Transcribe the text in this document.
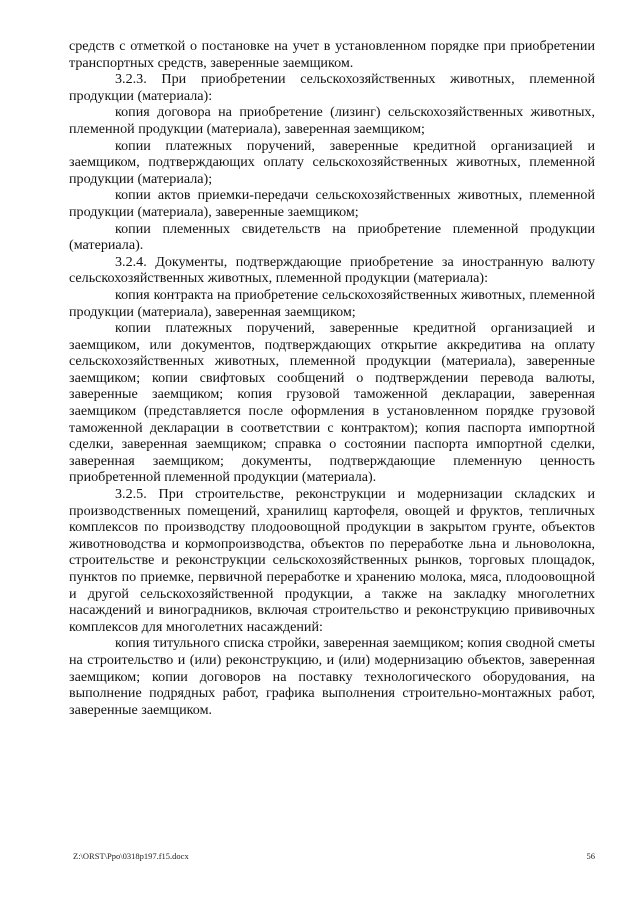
средств с отметкой о постановке на учет в установленном порядке при приобретении транспортных средств, заверенные заемщиком.

3.2.3. При приобретении сельскохозяйственных животных, племенной продукции (материала):

копия договора на приобретение (лизинг) сельскохозяйственных животных, племенной продукции (материала), заверенная заемщиком;

копии платежных поручений, заверенные кредитной организацией и заемщиком, подтверждающих оплату сельскохозяйственных животных, племенной продукции (материала);

копии актов приемки-передачи сельскохозяйственных животных, племенной продукции (материала), заверенные заемщиком;

копии племенных свидетельств на приобретение племенной продукции (материала).

3.2.4. Документы, подтверждающие приобретение за иностранную валюту сельскохозяйственных животных, племенной продукции (материала):

копия контракта на приобретение сельскохозяйственных животных, племенной продукции (материала), заверенная заемщиком;

копии платежных поручений, заверенные кредитной организацией и заемщиком, или документов, подтверждающих открытие аккредитива на оплату сельскохозяйственных животных, племенной продукции (материала), заверенные заемщиком; копии свифтовых сообщений о подтверждении перевода валюты, заверенные заемщиком; копия грузовой таможенной декларации, заверенная заемщиком (представляется после оформления в установленном порядке грузовой таможенной декларации в соответствии с контрактом); копия паспорта импортной сделки, заверенная заемщиком; справка о состоянии паспорта импортной сделки, заверенная заемщиком; документы, подтверждающие племенную ценность приобретенной племенной продукции (материала).

3.2.5. При строительстве, реконструкции и модернизации складских и производственных помещений, хранилищ картофеля, овощей и фруктов, тепличных комплексов по производству плодоовощной продукции в закрытом грунте, объектов животноводства и кормопроизводства, объектов по переработке льна и льноволокна, строительстве и реконструкции сельскохозяйственных рынков, торговых площадок, пунктов по приемке, первичной переработке и хранению молока, мяса, плодоовощной и другой сельскохозяйственной продукции, а также на закладку многолетних насаждений и виноградников, включая строительство и реконструкцию прививочных комплексов для многолетних насаждений:

копия титульного списка стройки, заверенная заемщиком; копия сводной сметы на строительство и (или) реконструкцию, и (или) модернизацию объектов, заверенная заемщиком; копии договоров на поставку технологического оборудования, на выполнение подрядных работ, графика выполнения строительно-монтажных работ, заверенные заемщиком.

Z:\ORST\Ppo\0318p197.f15.docx	56
